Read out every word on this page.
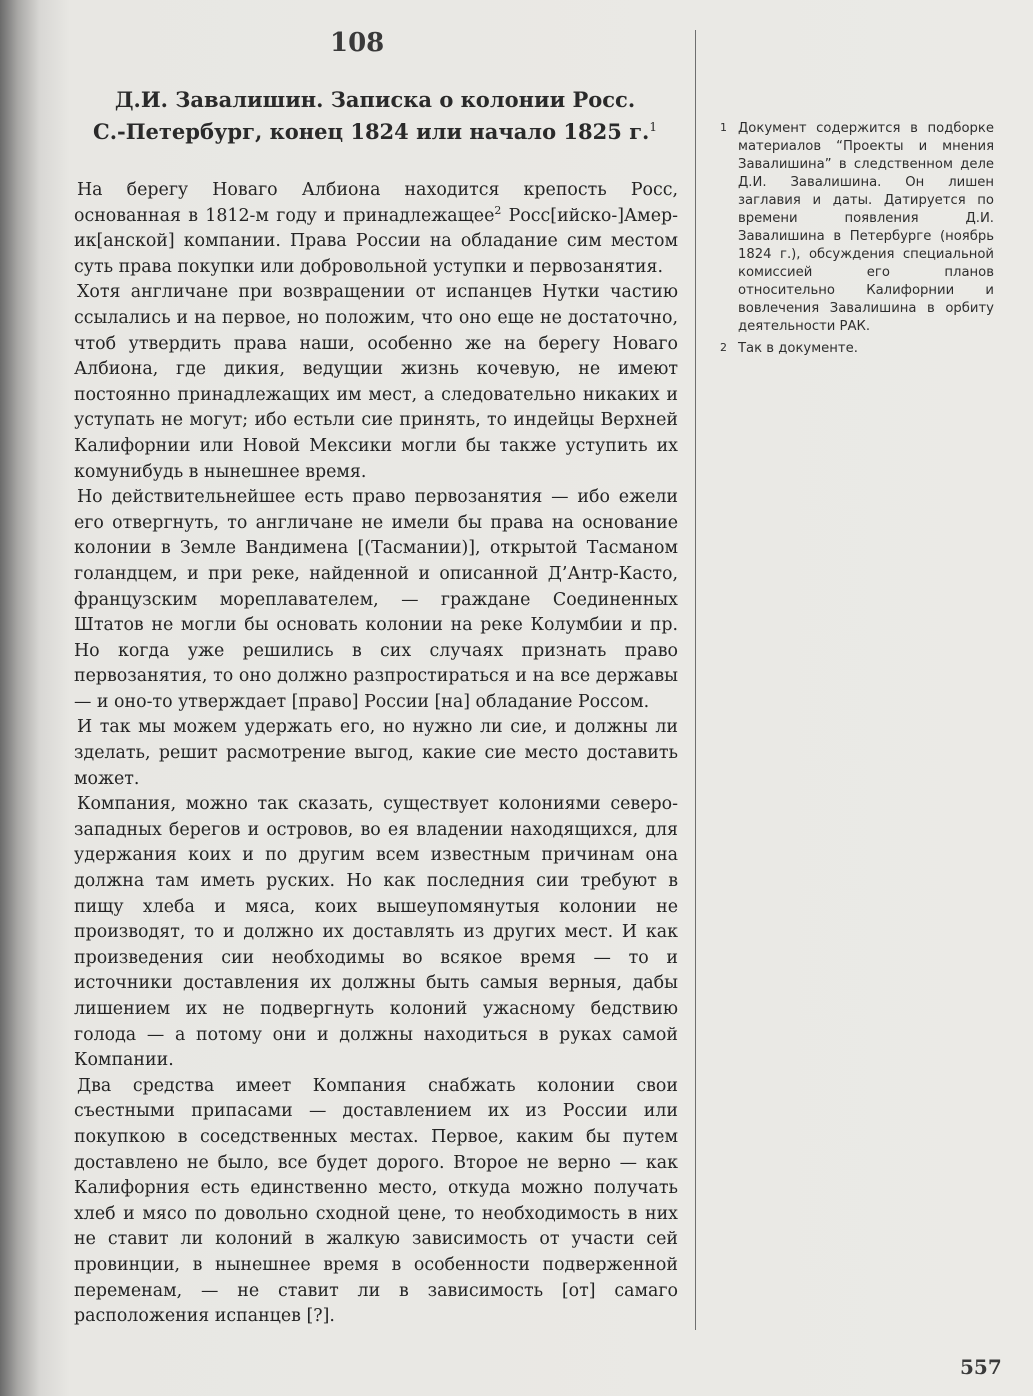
108
Д.И. Завалишин. Записка о колонии Росс.
С.-Петербург, конец 1824 или начало 1825 г.$^1$

На берегу Новаго Албиона находится крепость Росс, основанная в 1812-м году и принадлежащее$^2$ Росс[ийско-]Амер-ик[анской] компании. Права России на обладание сим местом суть права покупки или добровольной уступки и первозанятия.

Хотя англичане при возвращении от испанцев Нутки частию ссылались и на первое, но положим, что оно еще не достаточно, чтоб утвердить права наши, особенно же на берегу Новаго Албиона, где дикия, ведущии жизнь кочевую, не имеют постоянно принадлежащих им мест, а следовательно никаких и уступать не могут; ибо естьли сие принять, то индейцы Верхней Калифорнии или Новой Мексики могли бы также уступить их комунибудь в нынешнее время.

Но действительнейшее есть право первозанятия — ибо ежели его отвергнуть, то англичане не имели бы права на основание колонии в Земле Вандимена [(Тасмании)], открытой Тасманом голандцем, и при реке, найденной и описанной Д’Антр-Касто, французским мореплавателем, — граждане Соединенных Штатов не могли бы основать колонии на реке Колумбии и пр. Но когда уже решились в сих случаях признать право первозанятия, то оно должно разпростираться и на все державы — и оно-то утверждает [право] России [на] обладание Россом.

И так мы можем удержать его, но нужно ли сие, и должны ли зделать, решит расмотрение выгод, какие сие место доставить может.

Компания, можно так сказать, существует колониями северо-западных берегов и островов, во ея владении находящихся, для удержания коих и по другим всем известным причинам она должна там иметь руских. Но как последния сии требуют в пищу хлеба и мяса, коих вышеупомянутыя колонии не производят, то и должно их доставлять из других мест. И как произведения сии необходимы во всякое время — то и источники доставления их должны быть самыя верныя, дабы лишением их не подвергнуть колоний ужасному бедствию голода — а потому они и должны находиться в руках самой Компании.

Два средства имеет Компания снабжать колонии свои съестными припасами — доставлением их из России или покупкою в соседственных местах. Первое, каким бы путем доставлено не было, все будет дорого. Второе не верно — как Калифорния есть единственно место, откуда можно получать хлеб и мясо по довольно сходной цене, то необходимость в них не ставит ли колоний в жалкую зависимость от участи сей провинции, в нынешнее время в особенности подверженной переменам, — не ставит ли в зависимость [от] самаго расположения испанцев [?].

1 Документ содержится в подборке материалов “Проекты и мнения Завалишина” в следственном деле Д.И. Завалишина. Он лишен заглавия и даты. Датируется по времени появления Д.И. Завалишина в Петербурге (ноябрь 1824 г.), обсуждения специальной комиссией его планов относительно Калифорнии и вовлечения Завалишина в орбиту деятельности РАК.
2 Так в документе.
557
